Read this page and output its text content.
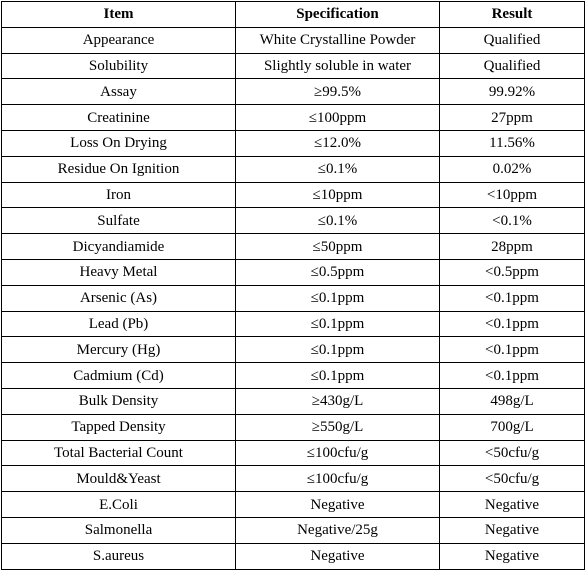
Item	Specification	Result
Appearance	White Crystalline Powder	Qualified
Solubility	Slightly soluble in water	Qualified
Assay	≥99.5%	99.92%
Creatinine	≤100ppm	27ppm
Loss On Drying	≤12.0%	11.56%
Residue On Ignition	≤0.1%	0.02%
Iron	≤10ppm	<10ppm
Sulfate	≤0.1%	<0.1%
Dicyandiamide	≤50ppm	28ppm
Heavy Metal	≤0.5ppm	<0.5ppm
Arsenic (As)	≤0.1ppm	<0.1ppm
Lead (Pb)	≤0.1ppm	<0.1ppm
Mercury (Hg)	≤0.1ppm	<0.1ppm
Cadmium (Cd)	≤0.1ppm	<0.1ppm
Bulk Density	≥430g/L	498g/L
Tapped Density	≥550g/L	700g/L
Total Bacterial Count	≤100cfu/g	<50cfu/g
Mould&Yeast	≤100cfu/g	<50cfu/g
E.Coli	Negative	Negative
Salmonella	Negative/25g	Negative
S.aureus	Negative	Negative
